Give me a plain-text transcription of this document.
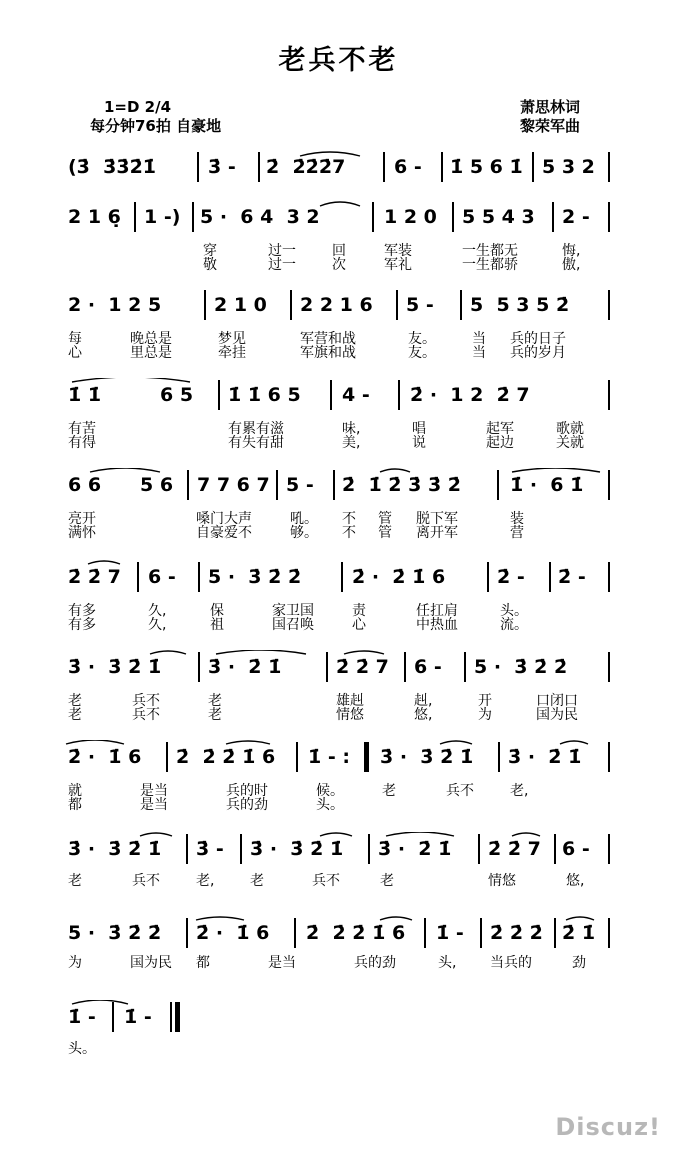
老兵不老
1=D 2/4
每分钟76拍 自豪地
萧思林词
黎荣军曲
(3̇  3̇3̇2̇1̇	3̇ - 2̇  2̇2̇2̇7	6 - 1̇ 5 6 1̇ 5 3 2
2 1 6̣ 1 -) 5 ·  6 4  3 2	1 2 0 5 5 4 3 2 -
穿	过一	回	军装	一生都无	悔,
敬	过一	次	军礼	一生都骄	傲,
2 ·  1 2 5	2 1 0 2 2 1 6 5 - 5  5 3 5 2̇
每	晚总是	梦见	军营和战	友。	当 兵的日子
心	里总是	牵挂	军旗和战	友。	当 兵的岁月
1̇ 1̇	6 5 1̇ 1̇ 6 5 4 - 2̇ ·  1 2  2̇ 7
有苦	有累有滋	味,	唱	起军	歌就
有得	有失有甜	美,	说	起边	关就
6 6 5 6 7 7 6 7 5 - 2̇  1̇ 2̇ 3̇ 3̇ 2̇	1̇ ·  6 1̇
亮开	嗓门大声	吼。 不 管 脱下军	装
满怀	自豪爱不	够。 不 管 离开军	营
2̇ 2̇ 7 6 - 5 ·  3̇ 2̇ 2̇	2̇ ·  2̇ 1̇ 6	2̇ - 2̇ -
有多	久,	保	家卫国	责	任扛肩	头。
有多	久,	祖	国召唤	心	中热血	流。
3̇ ·  3̇ 2̇ 1̇ 3̇ ·  2̇ 1̇	2̇ 2̇ 7 6 - 5 ·  3̇ 2̇ 2̇
老	兵不	老	雄赳	赳,	开	口闭口
老	兵不	老	情悠	悠,	为	国为民
2̇ ·  1̇ 6 2̇  2̇ 2̇ 1̇ 6 1̇ - : 3̇ ·  3̇ 2̇ 1̇ 3̇ ·  2̇ 1̇
就	是当	兵的时	候。	老	兵不	老,
都	是当	兵的劲	头。
3̇ ·  3̇ 2̇ 1̇ 3̇ - 3̇ ·  3̇ 2̇ 1̇ 3̇ ·  2̇ 1̇ 2̇ 2̇ 7 6 -
老	兵不	老,	老	兵不	老	情悠	悠,
5 ·  3̇ 2̇ 2̇ 2̇ ·  1̇ 6 2̇  2̇ 2̇ 1̇ 6 1̇ - 2̇ 2̇ 2̇ 2̇ 1̇
为	国为民 都	是当	兵的劲	头, 当兵的	劲
1̇ - 1̇ -
头。
Discuz!
